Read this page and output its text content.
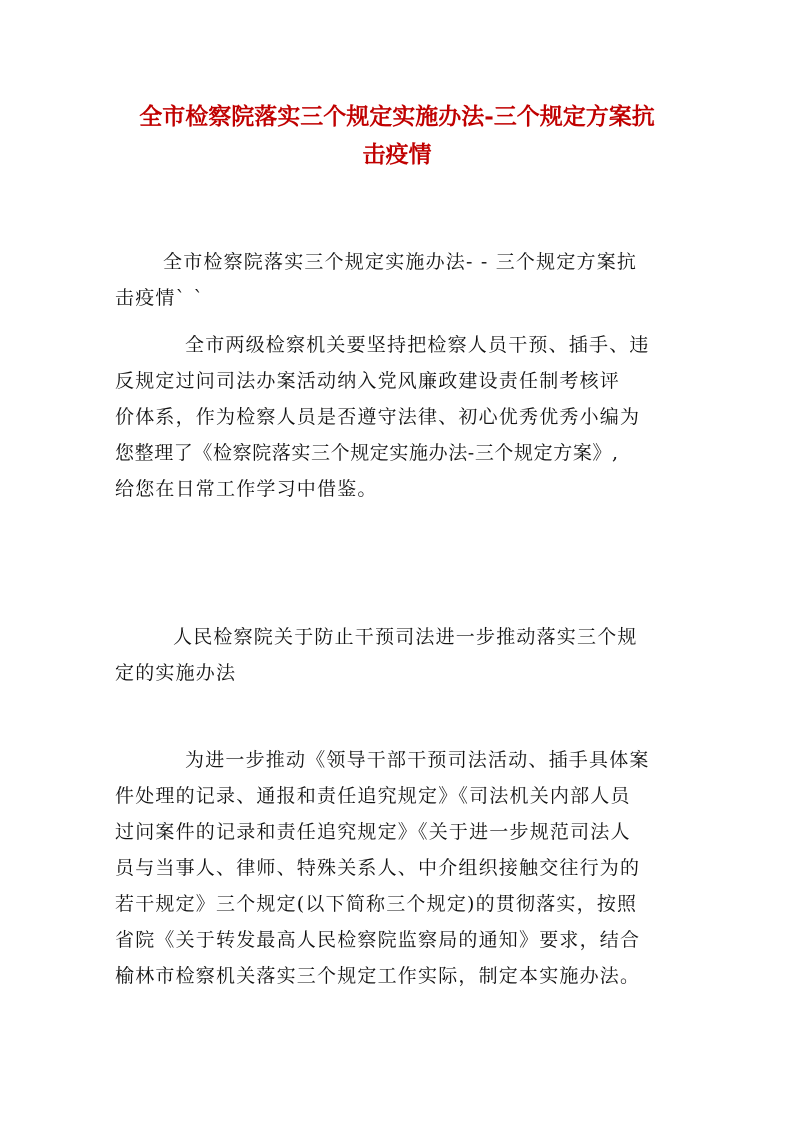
全市检察院落实三个规定实施办法-三个规定方案抗
击疫情
全市检察院落实三个规定实施办法- - 三个规定方案抗
击疫情` `
全市两级检察机关要坚持把检察人员干预、插手、违
反规定过问司法办案活动纳入党风廉政建设责任制考核评
价体系，作为检察人员是否遵守法律、初心优秀优秀小编为
您整理了《检察院落实三个规定实施办法-三个规定方案》,
给您在日常工作学习中借鉴。
人民检察院关于防止干预司法进一步推动落实三个规
定的实施办法
为进一步推动《领导干部干预司法活动、插手具体案
件处理的记录、通报和责任追究规定》《司法机关内部人员
过问案件的记录和责任追究规定》《关于进一步规范司法人
员与当事人、律师、特殊关系人、中介组织接触交往行为的
若干规定》三个规定(以下简称三个规定)的贯彻落实，按照
省院《关于转发最高人民检察院监察局的通知》要求，结合
榆林市检察机关落实三个规定工作实际，制定本实施办法。
